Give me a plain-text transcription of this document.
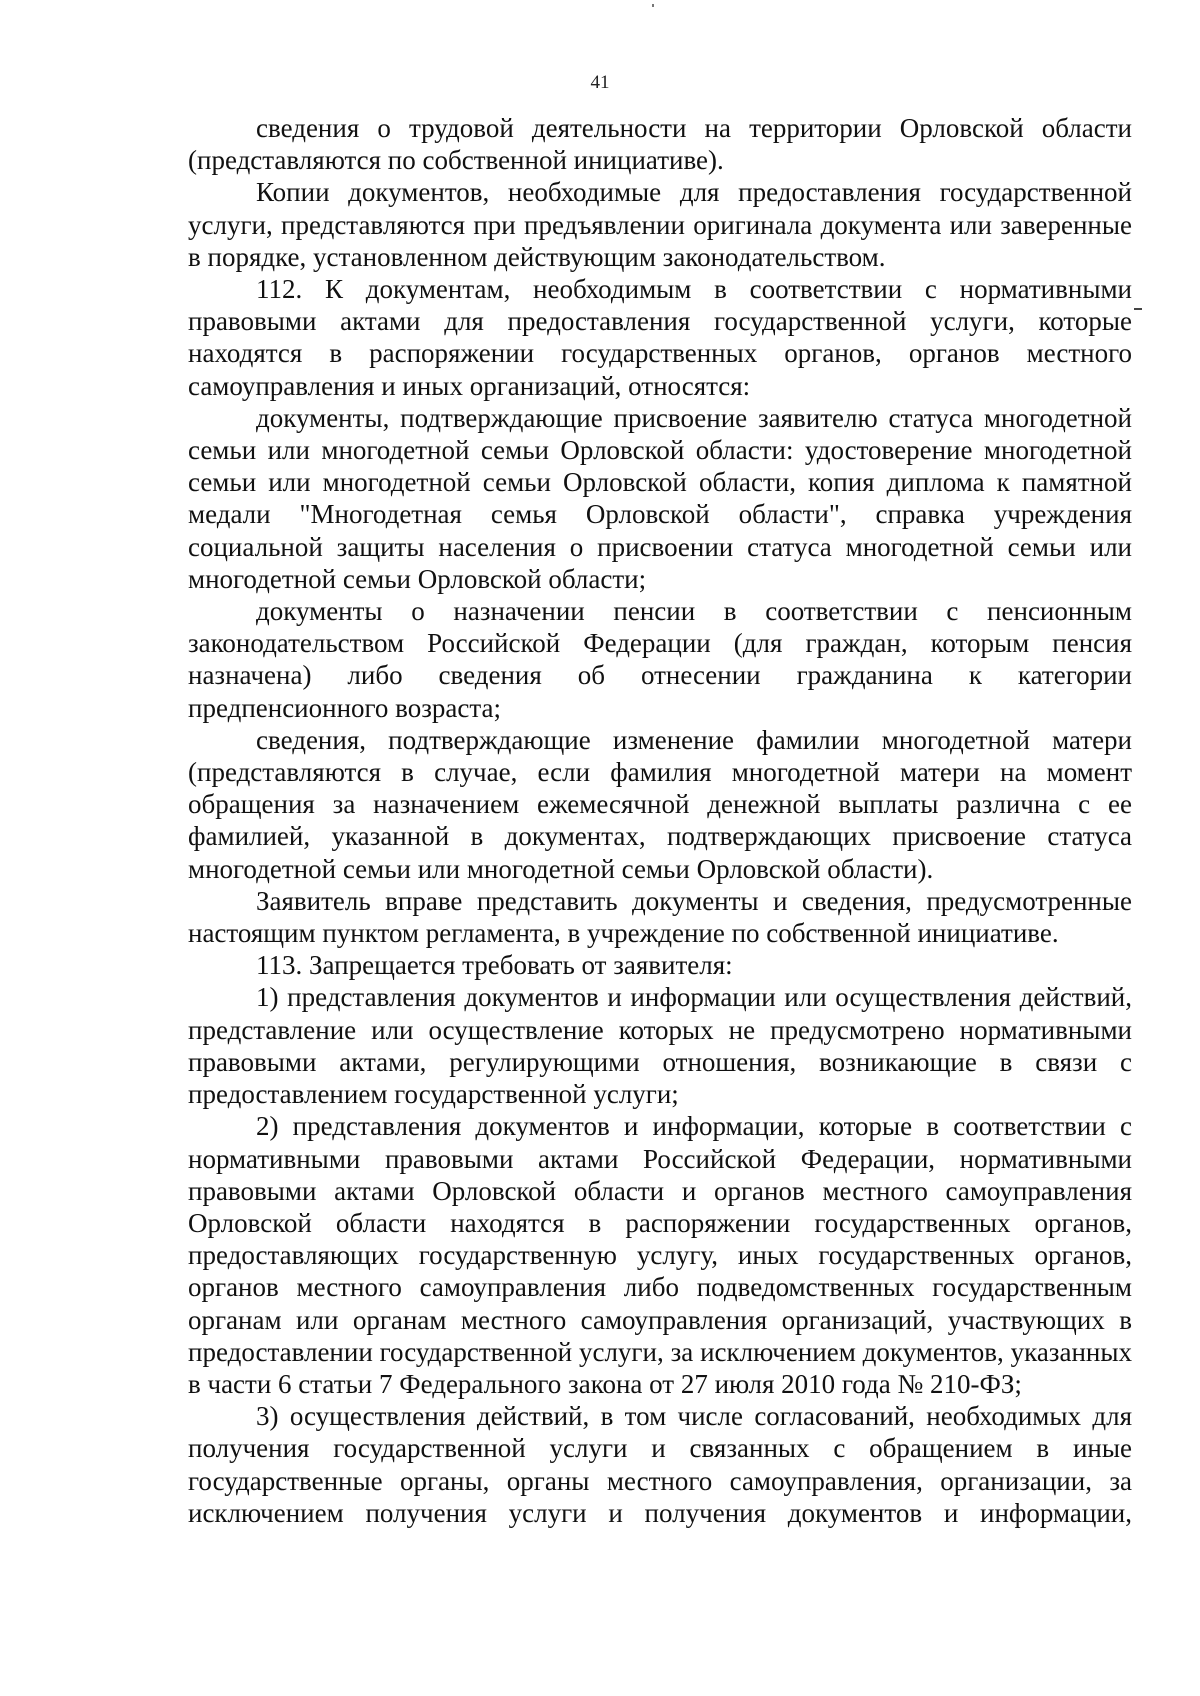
41

сведения о трудовой деятельности на территории Орловской области (представляются по собственной инициативе).

Копии документов, необходимые для предоставления государственной услуги, представляются при предъявлении оригинала документа или заверенные в порядке, установленном действующим законодательством.

112. К документам, необходимым в соответствии с нормативными правовыми актами для предоставления государственной услуги, которые находятся в распоряжении государственных органов, органов местного самоуправления и иных организаций, относятся:

документы, подтверждающие присвоение заявителю статуса многодетной семьи или многодетной семьи Орловской области: удостоверение многодетной семьи или многодетной семьи Орловской области, копия диплома к памятной медали "Многодетная семья Орловской области", справка учреждения социальной защиты населения о присвоении статуса многодетной семьи или многодетной семьи Орловской области;

документы о назначении пенсии в соответствии с пенсионным законодательством Российской Федерации (для граждан, которым пенсия назначена) либо сведения об отнесении гражданина к категории предпенсионного возраста;

сведения, подтверждающие изменение фамилии многодетной матери (представляются в случае, если фамилия многодетной матери на момент обращения за назначением ежемесячной денежной выплаты различна с ее фамилией, указанной в документах, подтверждающих присвоение статуса многодетной семьи или многодетной семьи Орловской области).

Заявитель вправе представить документы и сведения, предусмотренные настоящим пунктом регламента, в учреждение по собственной инициативе.

113. Запрещается требовать от заявителя:

1) представления документов и информации или осуществления действий, представление или осуществление которых не предусмотрено нормативными правовыми актами, регулирующими отношения, возникающие в связи с предоставлением государственной услуги;

2) представления документов и информации, которые в соответствии с нормативными правовыми актами Российской Федерации, нормативными правовыми актами Орловской области и органов местного самоуправления Орловской области находятся в распоряжении государственных органов, предоставляющих государственную услугу, иных государственных органов, органов местного самоуправления либо подведомственных государственным органам или органам местного самоуправления организаций, участвующих в предоставлении государственной услуги, за исключением документов, указанных в части 6 статьи 7 Федерального закона от 27 июля 2010 года № 210-ФЗ;

3) осуществления действий, в том числе согласований, необходимых для получения государственной услуги и связанных с обращением в иные государственные органы, органы местного самоуправления, организации, за исключением получения услуги и получения документов и информации,
